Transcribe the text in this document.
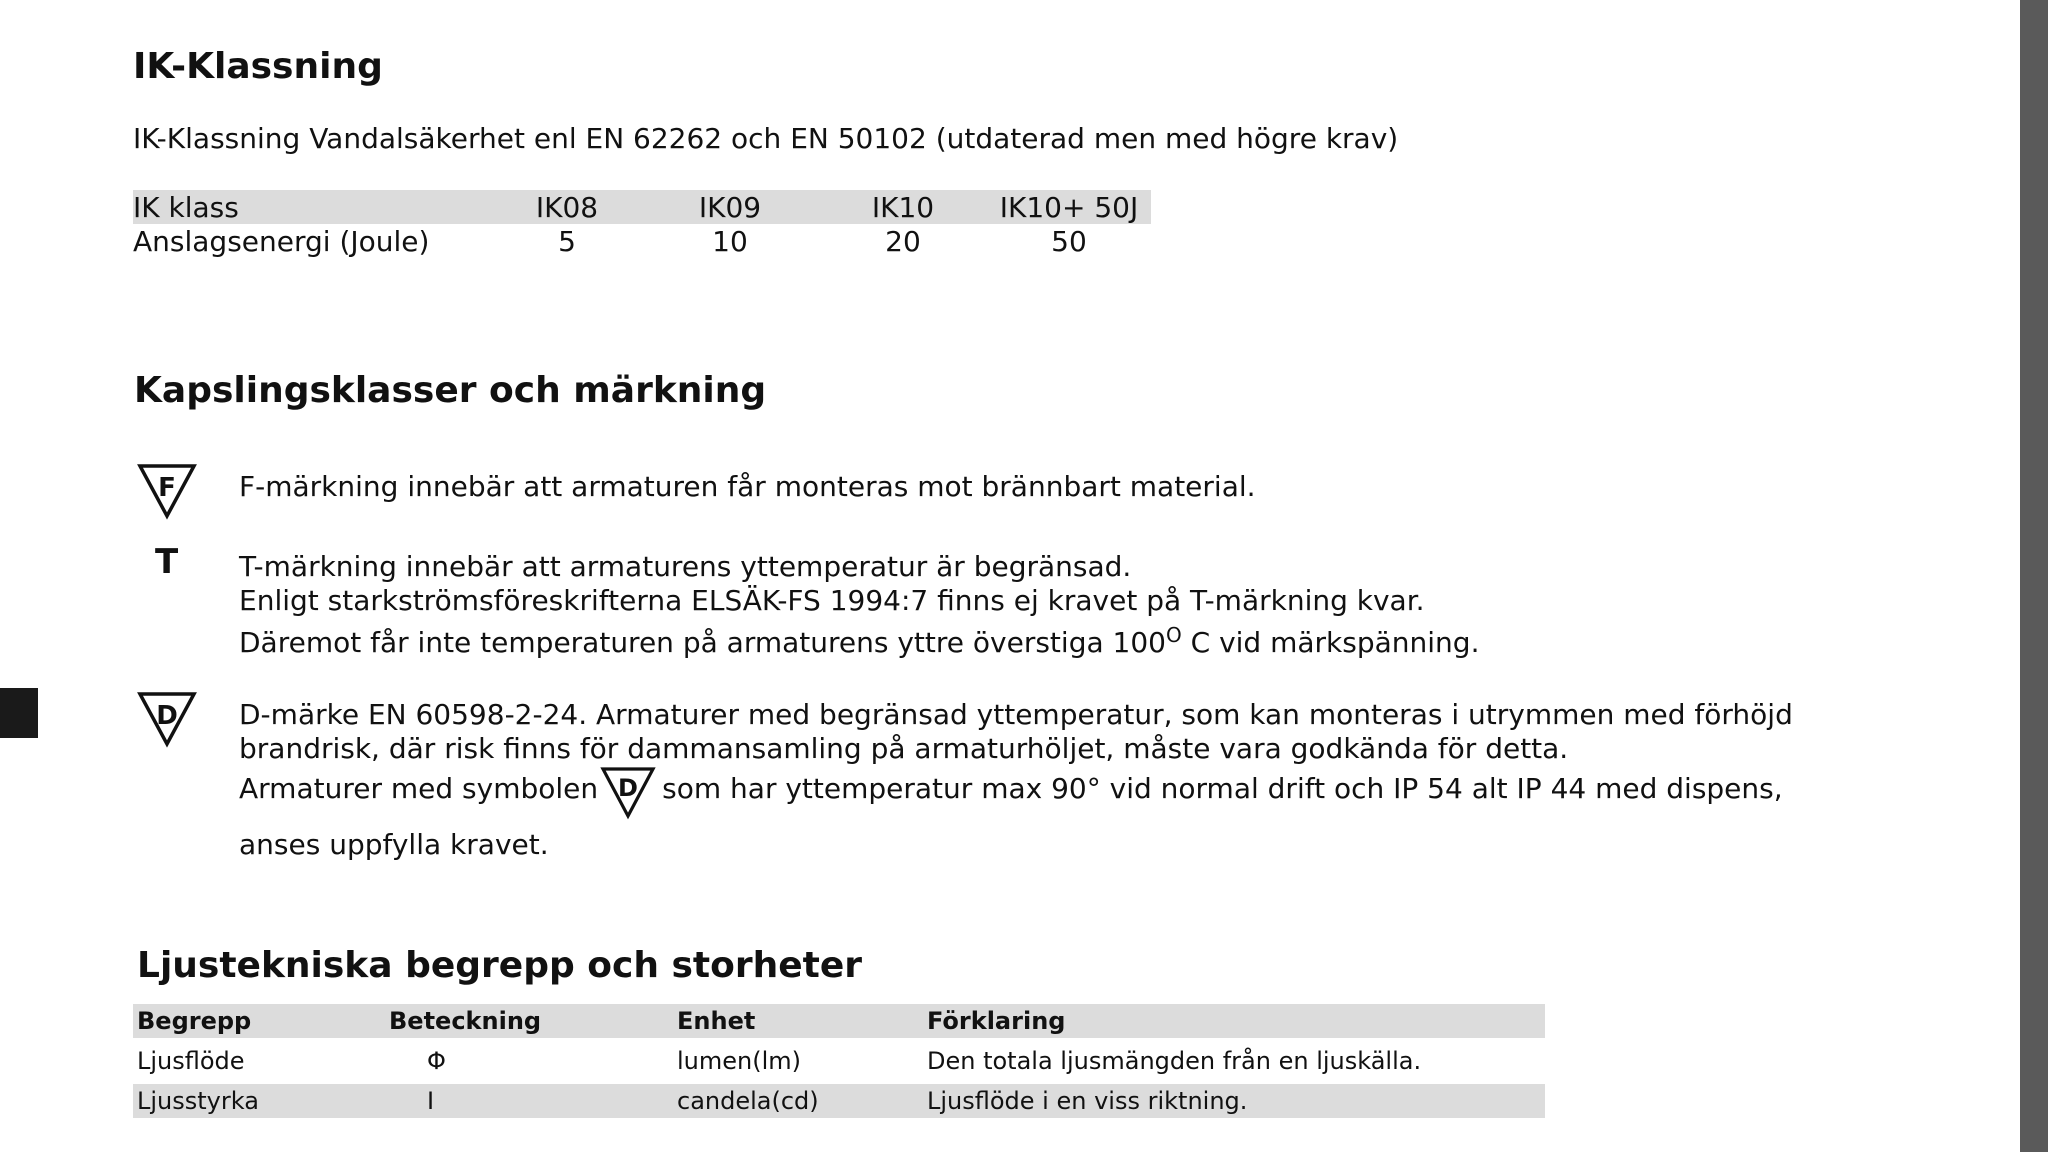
IK-Klassning
IK-Klassning Vandalsäkerhet enl EN 62262 och EN 50102 (utdaterad men med högre krav)
IK klass	IK08	IK09	IK10	IK10+ 50J	
Anslagsenergi (Joule)	5	10	20	50	
Kapslingsklasser och märkning
F F-märkning innebär att armaturen får monteras mot brännbart material.
T T-märkning innebär att armaturens yttemperatur är begränsad.
Enligt starkströmsföreskrifterna ELSÄK-FS 1994:7 finns ej kravet på T-märkning kvar.
Däremot får inte temperaturen på armaturens yttre överstiga $100^O$ C vid märkspänning.
D D-märke EN 60598-2-24. Armaturer med begränsad yttemperatur, som kan monteras i utrymmen med förhöjd
brandrisk, där risk finns för dammansamling på armaturhöljet, måste vara godkända för detta.
Armaturer med symbolen D som har yttemperatur max 90° vid normal drift och IP 54 alt IP 44 med dispens,
anses uppfylla kravet.
Ljustekniska begrepp och storheter
Begrepp	Beteckning	Enhet	Förklaring
Ljusflöde	Φ	lumen(lm)	Den totala ljusmängden från en ljuskälla.
Ljusstyrka	I	candela(cd)	Ljusflöde i en viss riktning.
